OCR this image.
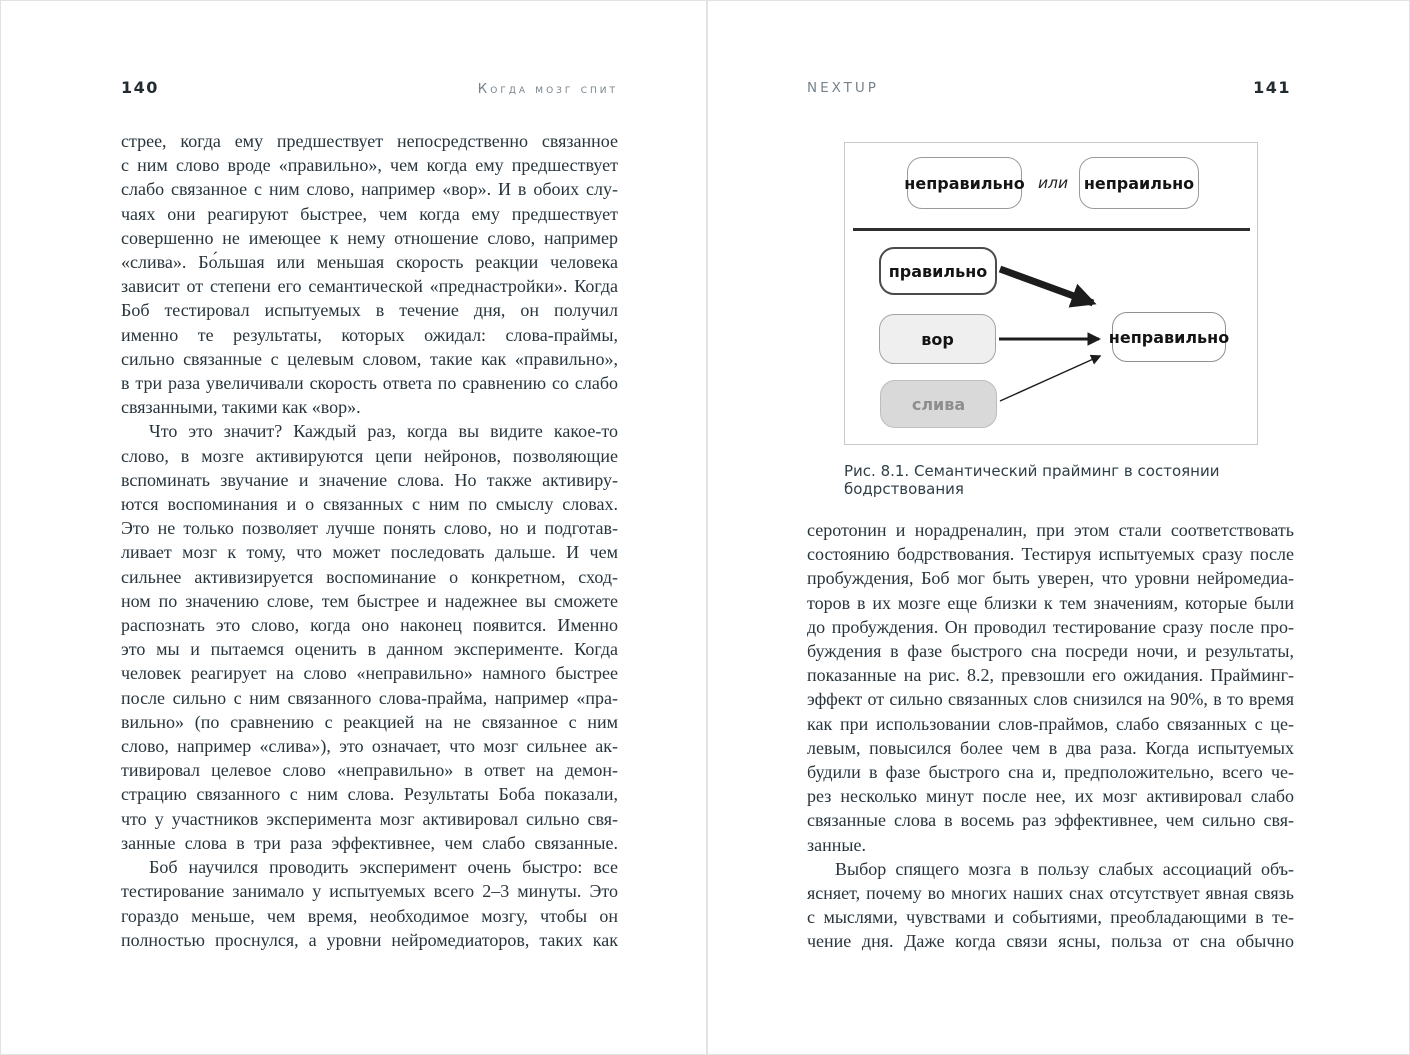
140	Когда мозг спит
стрее, когда ему предшествует непосредственно связанное
с ним слово вроде «правильно», чем когда ему предшествует
слабо связанное с ним слово, например «вор». И в обоих слу-
чаях они реагируют быстрее, чем когда ему предшествует
совершенно не имеющее к нему отношение слово, например
«слива». Бо́льшая или меньшая скорость реакции человека
зависит от степени его семантической «преднастройки». Когда
Боб тестировал испытуемых в течение дня, он получил
именно те результаты, которых ожидал: слова-праймы,
сильно связанные с целевым словом, такие как «правильно»,
в три раза увеличивали скорость ответа по сравнению со слабо
связанными, такими как «вор».
Что это значит? Каждый раз, когда вы видите какое-то
слово, в мозге активируются цепи нейронов, позволяющие
вспоминать звучание и значение слова. Но также активиру-
ются воспоминания и о связанных с ним по смыслу словах.
Это не только позволяет лучше понять слово, но и подготав-
ливает мозг к тому, что может последовать дальше. И чем
сильнее активизируется воспоминание о конкретном, сход-
ном по значению слове, тем быстрее и надежнее вы сможете
распознать это слово, когда оно наконец появится. Именно
это мы и пытаемся оценить в данном эксперименте. Когда
человек реагирует на слово «неправильно» намного быстрее
после сильно с ним связанного слова-прайма, например «пра-
вильно» (по сравнению с реакцией на не связанное с ним
слово, например «слива»), это означает, что мозг сильнее ак-
тивировал целевое слово «неправильно» в ответ на демон-
страцию связанного с ним слова. Результаты Боба показали,
что у участников эксперимента мозг активировал сильно свя-
занные слова в три раза эффективнее, чем слабо связанные.
Боб научился проводить эксперимент очень быстро: все
тестирование занимало у испытуемых всего 2–3 минуты. Это
гораздо меньше, чем время, необходимое мозгу, чтобы он
полностью проснулся, а уровни нейромедиаторов, таких как
NEXTUP	141
неправильно или непраильно
правильно
вор
слива
неправильно
Рис. 8.1. Семантический прайминг в состоянии бодрствования
серотонин и норадреналин, при этом стали соответствовать
состоянию бодрствования. Тестируя испытуемых сразу после
пробуждения, Боб мог быть уверен, что уровни нейромедиа-
торов в их мозге еще близки к тем значениям, которые были
до пробуждения. Он проводил тестирование сразу после про-
буждения в фазе быстрого сна посреди ночи, и результаты,
показанные на рис. 8.2, превзошли его ожидания. Прайминг-
эффект от сильно связанных слов снизился на 90%, в то время
как при использовании слов-праймов, слабо связанных с це-
левым, повысился более чем в два раза. Когда испытуемых
будили в фазе быстрого сна и, предположительно, всего че-
рез несколько минут после нее, их мозг активировал слабо
связанные слова в восемь раз эффективнее, чем сильно свя-
занные.
Выбор спящего мозга в пользу слабых ассоциаций объ-
ясняет, почему во многих наших снах отсутствует явная связь
с мыслями, чувствами и событиями, преобладающими в те-
чение дня. Даже когда связи ясны, польза от сна обычно
